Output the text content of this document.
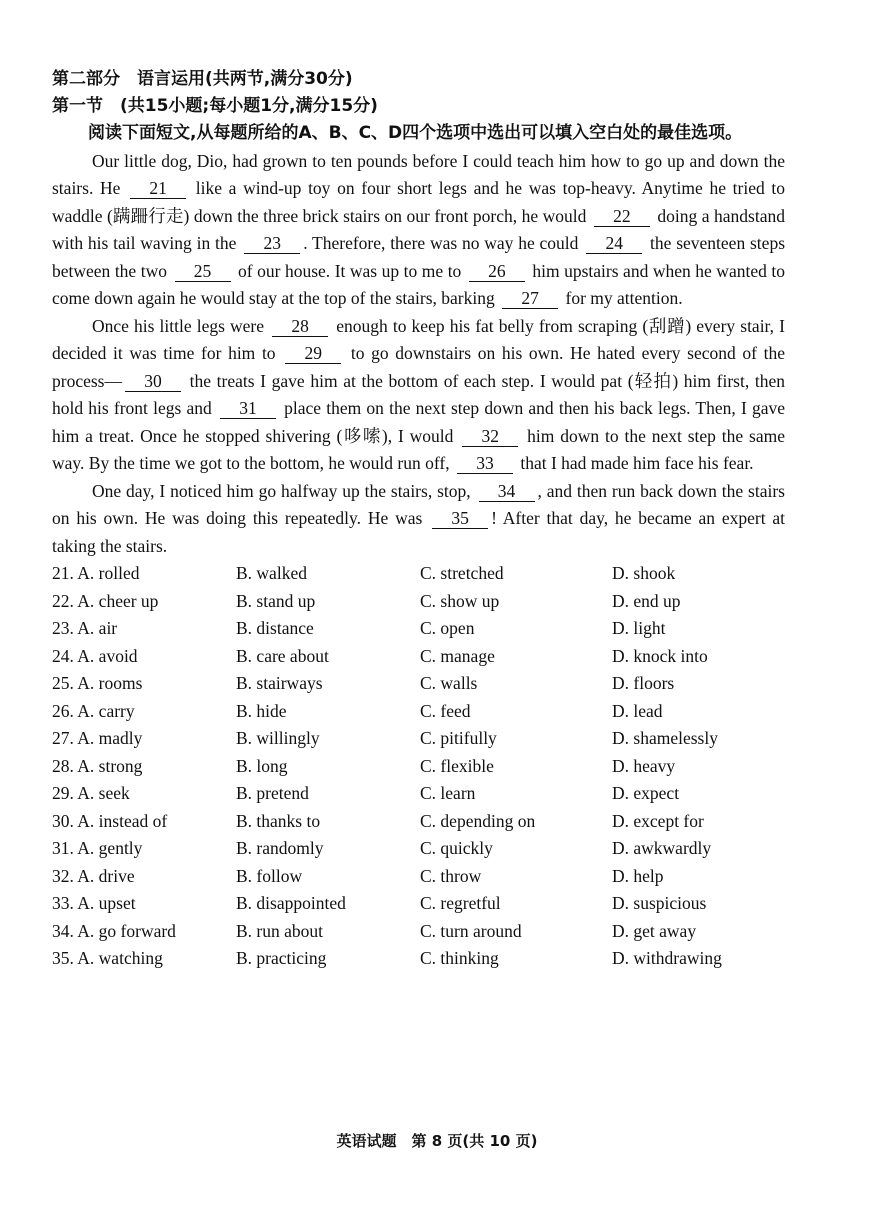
第二部分　语言运用(共两节,满分30分)
第一节　(共15小题;每小题1分,满分15分)

阅读下面短文,从每题所给的A、B、C、D四个选项中选出可以填入空白处的最佳选项。

Our little dog, Dio, had grown to ten pounds before I could teach him how to go up and down the stairs. He 21 like a wind-up toy on four short legs and he was top-heavy. Anytime he tried to waddle (蹒跚行走) down the three brick stairs on our front porch, he would 22 doing a handstand with his tail waving in the 23 . Therefore, there was no way he could 24 the seventeen steps between the two 25 of our house. It was up to me to 26 him upstairs and when he wanted to come down again he would stay at the top of the stairs, barking 27 for my attention.

Once his little legs were 28 enough to keep his fat belly from scraping (刮蹭) every stair, I decided it was time for him to 29 to go downstairs on his own. He hated every second of the process— 30 the treats I gave him at the bottom of each step. I would pat (轻拍) him first, then hold his front legs and 31 place them on the next step down and then his back legs. Then, I gave him a treat. Once he stopped shivering (哆嗦), I would 32 him down to the next step the same way. By the time we got to the bottom, he would run off, 33 that I had made him face his fear.

One day, I noticed him go halfway up the stairs, stop, 34 , and then run back down the stairs on his own. He was doing this repeatedly. He was 35 ! After that day, he became an expert at taking the stairs.

21. A. rolled	B. walked	C. stretched	D. shook
22. A. cheer up	B. stand up	C. show up	D. end up
23. A. air	B. distance	C. open	D. light
24. A. avoid	B. care about	C. manage	D. knock into
25. A. rooms	B. stairways	C. walls	D. floors
26. A. carry	B. hide	C. feed	D. lead
27. A. madly	B. willingly	C. pitifully	D. shamelessly
28. A. strong	B. long	C. flexible	D. heavy
29. A. seek	B. pretend	C. learn	D. expect
30. A. instead of	B. thanks to	C. depending on	D. except for
31. A. gently	B. randomly	C. quickly	D. awkwardly
32. A. drive	B. follow	C. throw	D. help
33. A. upset	B. disappointed	C. regretful	D. suspicious
34. A. go forward	B. run about	C. turn around	D. get away
35. A. watching	B. practicing	C. thinking	D. withdrawing
英语试题　第 8 页(共 10 页)
